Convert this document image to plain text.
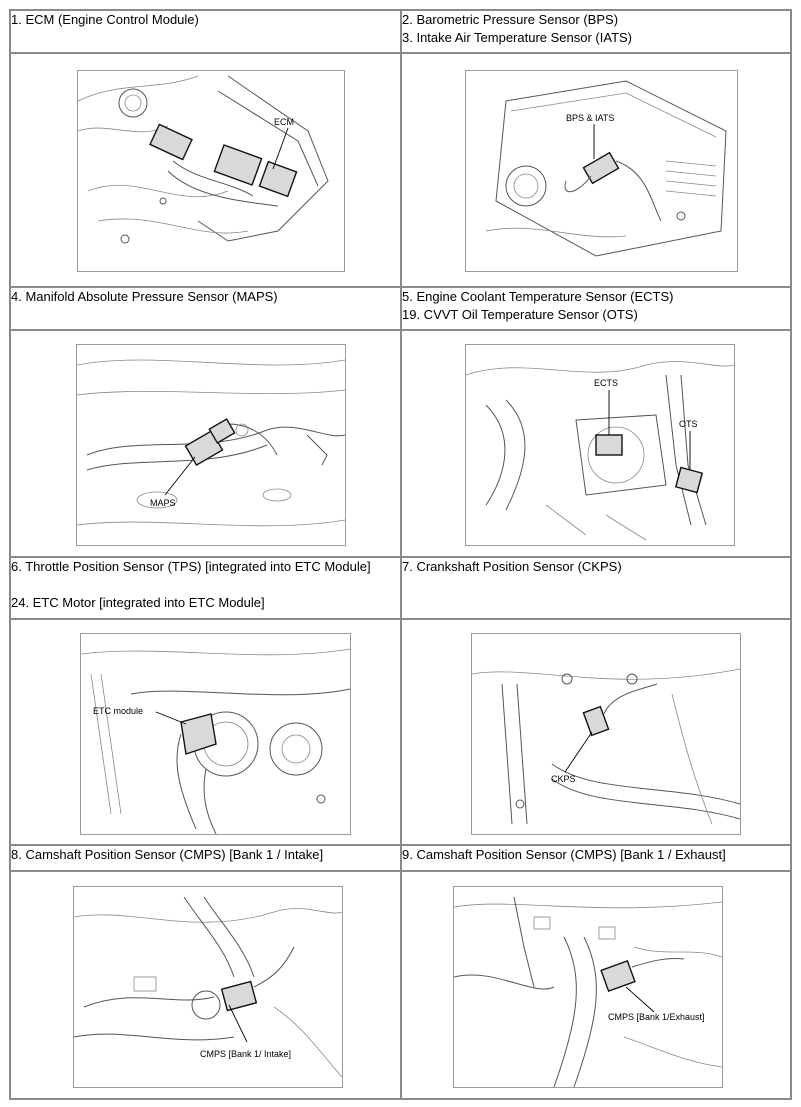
1. ECM (Engine Control Module)	2. Barometric Pressure Sensor (BPS)
3. Intake Air Temperature Sensor (IATS)

ECM	BPS & IATS

4. Manifold Absolute Pressure Sensor (MAPS)	5. Engine Coolant Temperature Sensor (ECTS)
19. CVVT Oil Temperature Sensor (OTS)

MAPS	ECTS
OTS

6. Throttle Position Sensor (TPS) [integrated into ETC Module]
24. ETC Motor [integrated into ETC Module]	7. Crankshaft Position Sensor (CKPS)

ETC module	CKPS

8. Camshaft Position Sensor (CMPS) [Bank 1 / Intake]	9. Camshaft Position Sensor (CMPS) [Bank 1 / Exhaust]

CMPS [Bank 1/ Intake]	CMPS [Bank 1/Exhaust]
